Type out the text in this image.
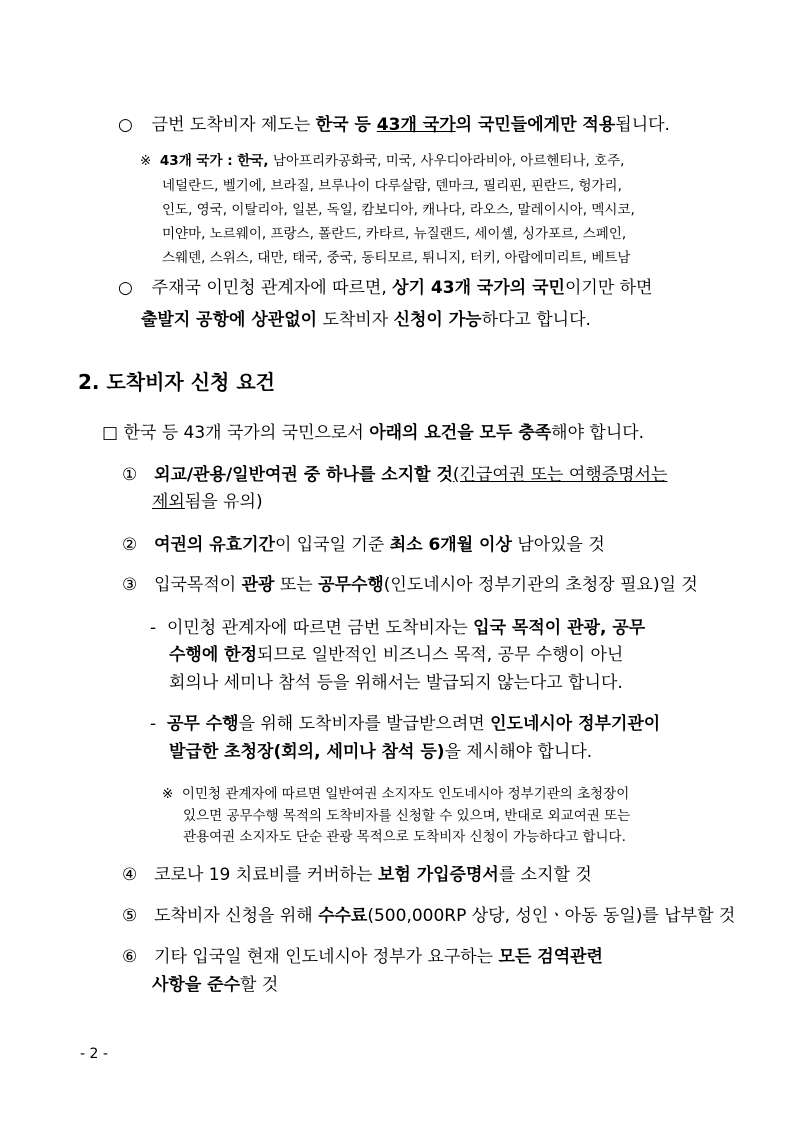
○ 금번 도착비자 제도는 한국 등 43개 국가의 국민들에게만 적용됩니다.
※ 43개 국가 : 한국, 남아프리카공화국, 미국, 사우디아라비아, 아르헨티나, 호주,
네덜란드, 벨기에, 브라질, 브루나이 다루살람, 덴마크, 필리핀, 핀란드, 헝가리,
인도, 영국, 이탈리아, 일본, 독일, 캄보디아, 캐나다, 라오스, 말레이시아, 멕시코,
미얀마, 노르웨이, 프랑스, 폴란드, 카타르, 뉴질랜드, 세이셸, 싱가포르, 스페인,
스웨덴, 스위스, 대만, 태국, 중국, 동티모르, 튀니지, 터키, 아랍에미리트, 베트남
○ 주재국 이민청 관계자에 따르면, 상기 43개 국가의 국민이기만 하면
출발지 공항에 상관없이 도착비자 신청이 가능하다고 합니다.
2. 도착비자 신청 요건
□ 한국 등 43개 국가의 국민으로서 아래의 요건을 모두 충족해야 합니다.
① 외교/관용/일반여권 중 하나를 소지할 것(긴급여권 또는 여행증명서는
제외됨을 유의)
② 여권의 유효기간이 입국일 기준 최소 6개월 이상 남아있을 것
③ 입국목적이 관광 또는 공무수행(인도네시아 정부기관의 초청장 필요)일 것
- 이민청 관계자에 따르면 금번 도착비자는 입국 목적이 관광, 공무
수행에 한정되므로 일반적인 비즈니스 목적, 공무 수행이 아닌
회의나 세미나 참석 등을 위해서는 발급되지 않는다고 합니다.
- 공무 수행을 위해 도착비자를 발급받으려면 인도네시아 정부기관이
발급한 초청장(회의, 세미나 참석 등)을 제시해야 합니다.
※ 이민청 관계자에 따르면 일반여권 소지자도 인도네시아 정부기관의 초청장이
있으면 공무수행 목적의 도착비자를 신청할 수 있으며, 반대로 외교여권 또는
관용여권 소지자도 단순 관광 목적으로 도착비자 신청이 가능하다고 합니다.
④ 코로나 19 치료비를 커버하는 보험 가입증명서를 소지할 것
⑤ 도착비자 신청을 위해 수수료(500,000RP 상당, 성인ㆍ아동 동일)를 납부할 것
⑥ 기타 입국일 현재 인도네시아 정부가 요구하는 모든 검역관련
사항을 준수할 것
- 2 -
